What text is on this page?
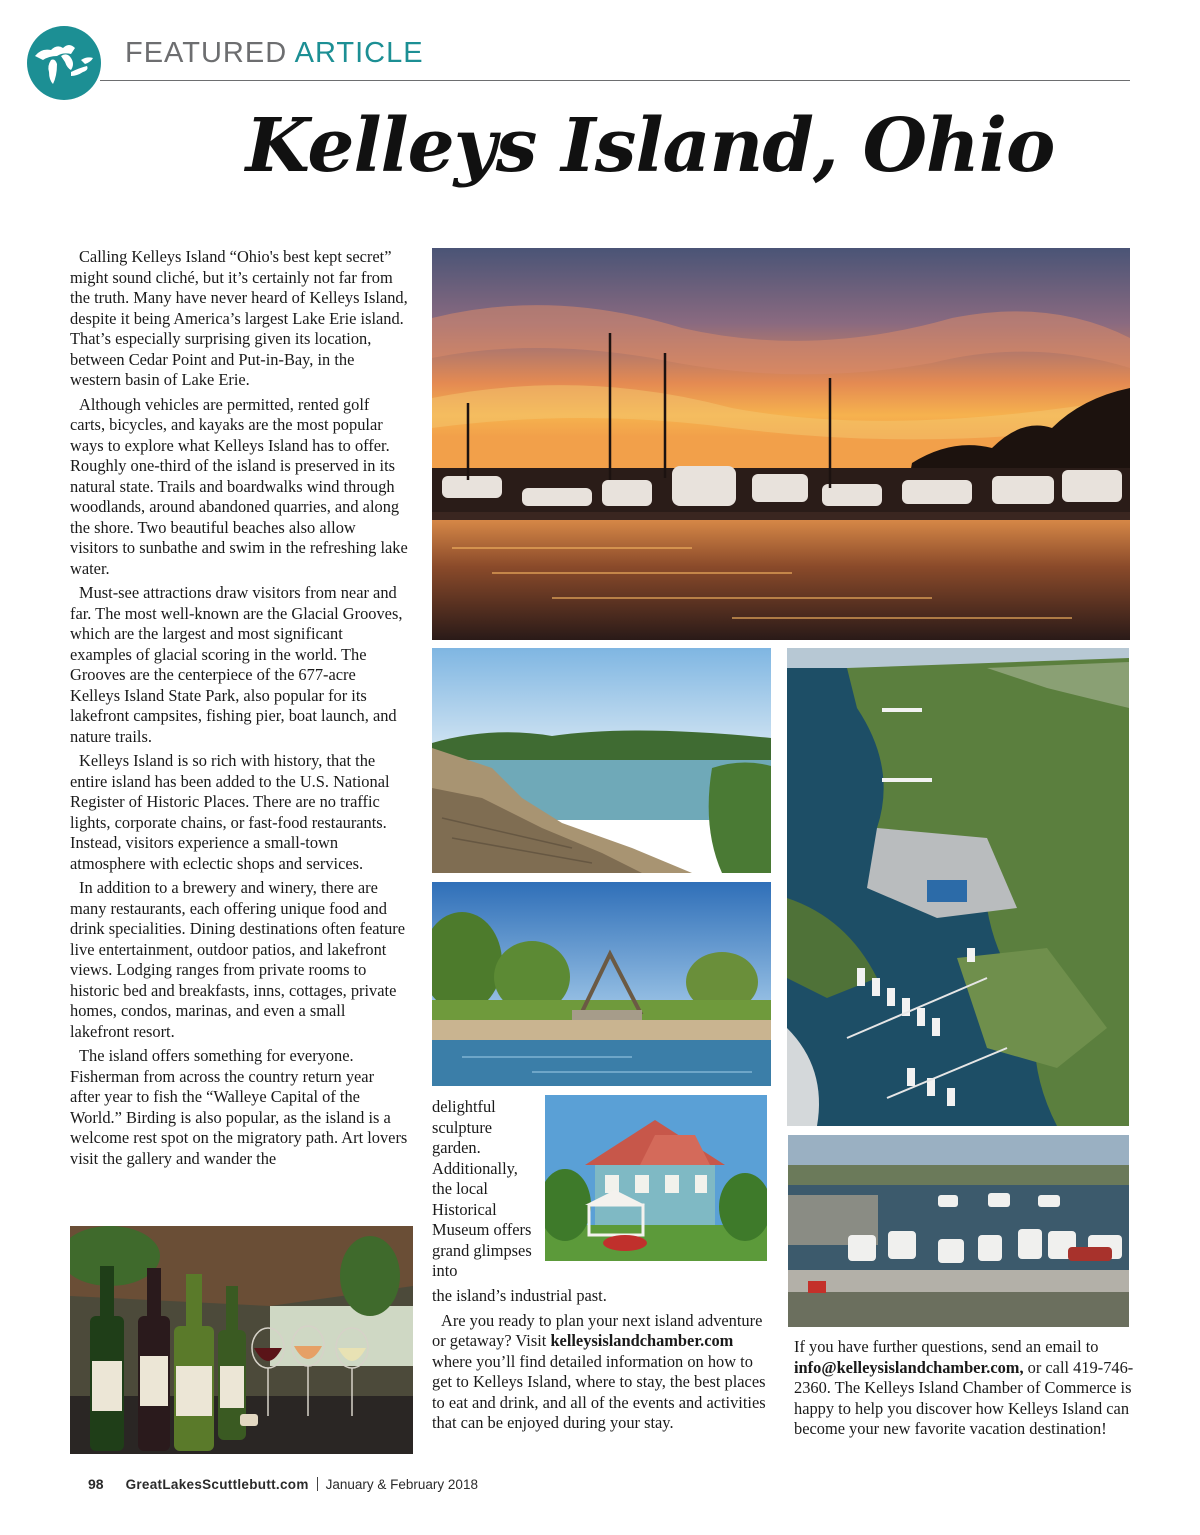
FEATURED ARTICLE
Kelleys Island, Ohio

Calling Kelleys Island “Ohio's best kept secret” might sound cliché, but it’s certainly not far from the truth. Many have never heard of Kelleys Island, despite it being America’s largest Lake Erie island. That’s especially surprising given its location, between Cedar Point and Put-in-Bay, in the western basin of Lake Erie.

Although vehicles are permitted, rented golf carts, bicycles, and kayaks are the most popular ways to explore what Kelleys Island has to offer. Roughly one-third of the island is preserved in its natural state. Trails and boardwalks wind through woodlands, around abandoned quarries, and along the shore. Two beautiful beaches also allow visitors to sunbathe and swim in the refreshing lake water.

Must-see attractions draw visitors from near and far. The most well-known are the Glacial Grooves, which are the largest and most significant examples of glacial scoring in the world. The Grooves are the centerpiece of the 677-acre Kelleys Island State Park, also popular for its lakefront campsites, fishing pier, boat launch, and nature trails.

Kelleys Island is so rich with history, that the entire island has been added to the U.S. National Register of Historic Places. There are no traffic lights, corporate chains, or fast-food restaurants. Instead, visitors experience a small-town atmosphere with eclectic shops and services.

In addition to a brewery and winery, there are many restaurants, each offering unique food and drink specialities. Dining destinations often feature live entertainment, outdoor patios, and lakefront views. Lodging ranges from private rooms to historic bed and breakfasts, inns, cottages, private homes, condos, marinas, and even a small lakefront resort.

The island offers something for everyone. Fisherman from across the country return year after year to fish the “Walleye Capital of the World.” Birding is also popular, as the island is a welcome rest spot on the migratory path. Art lovers visit the gallery and wander the

delightful sculpture garden. Additionally, the local Historical Museum offers grand glimpses into

the island’s industrial past.

Are you ready to plan your next island adventure or getaway? Visit kelleysislandchamber.com where you’ll find detailed information on how to get to Kelleys Island, where to stay, the best places to eat and drink, and all of the events and activities that can be enjoyed during your stay.

If you have further questions, send an email to info@kelleysislandchamber.com, or call 419-746-2360. The Kelleys Island Chamber of Commerce is happy to help you discover how Kelleys Island can become your new favorite vacation destination!

98 GreatLakesScuttlebutt.com January & February 2018
